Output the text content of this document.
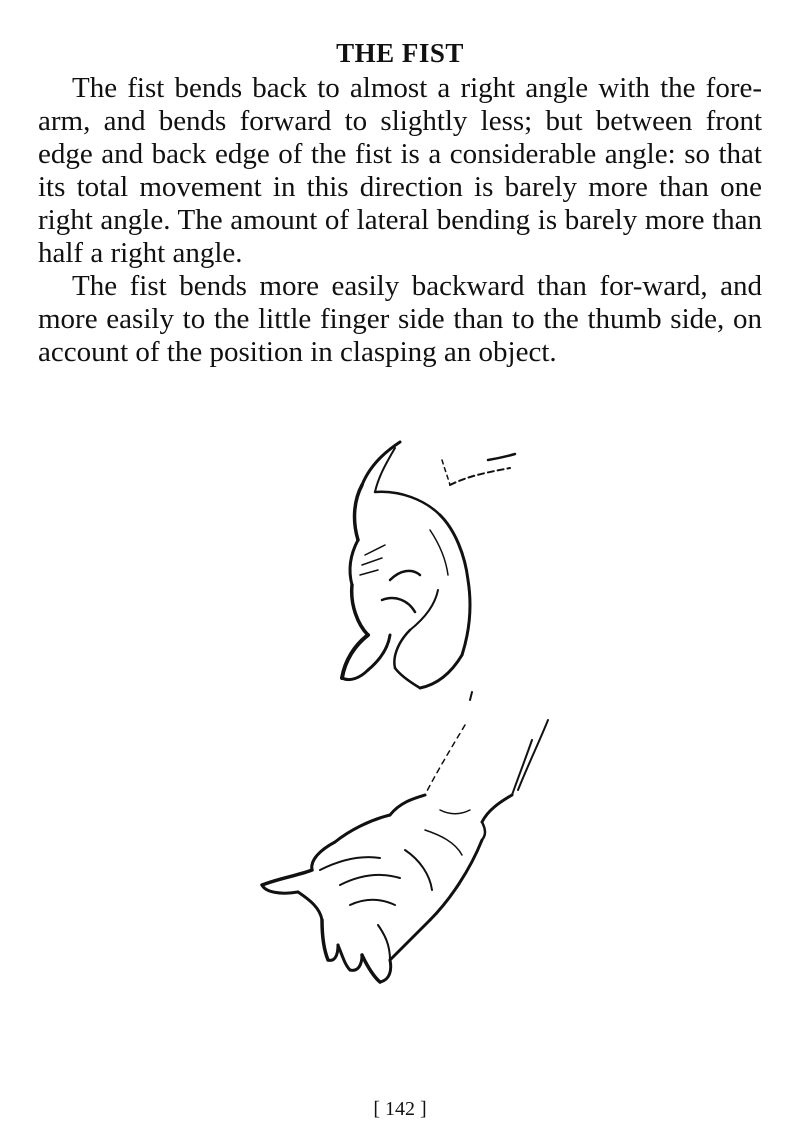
THE FIST

The fist bends back to almost a right angle with the fore-arm, and bends forward to slightly less; but between front edge and back edge of the fist is a considerable angle: so that its total movement in this direction is barely more than one right angle. The amount of lateral bending is barely more than half a right angle.

The fist bends more easily backward than for-ward, and more easily to the little finger side than to the thumb side, on account of the position in clasping an object.

[ 142 ]
